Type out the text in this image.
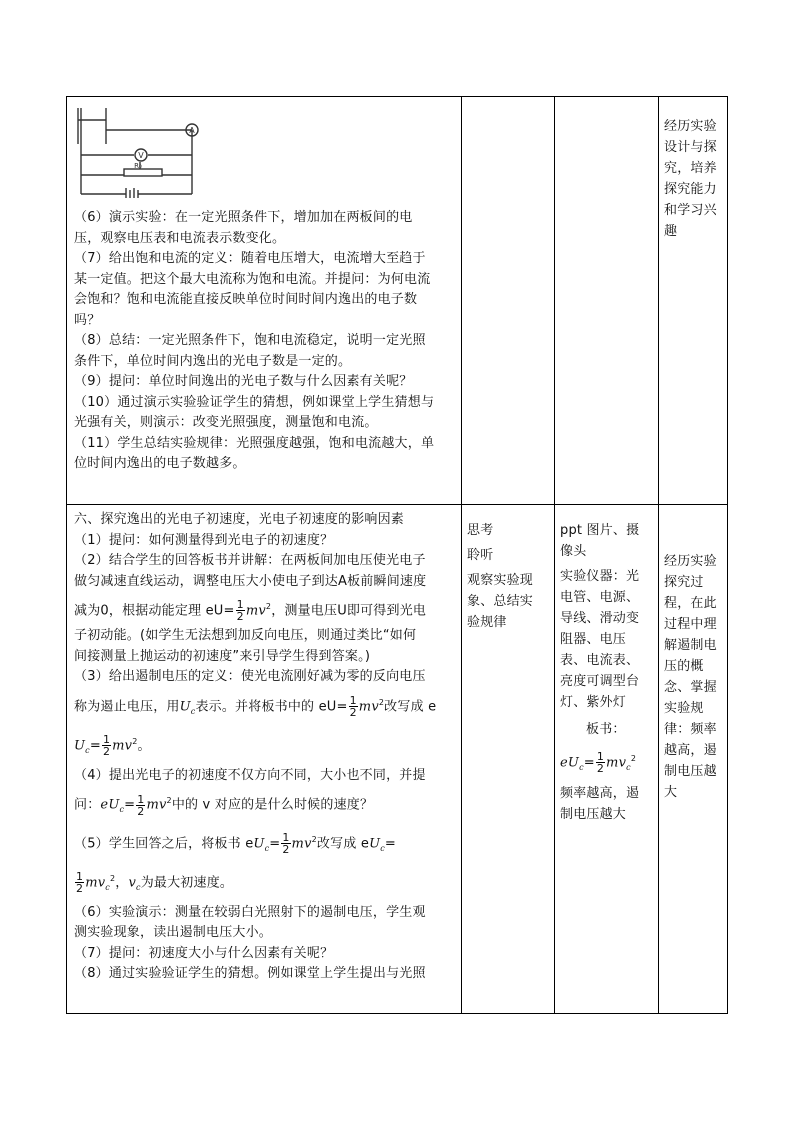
V
A
R₀

（6）演示实验：在一定光照条件下，增加加在两板间的电

压，观察电压表和电流表示数变化。

（7）给出饱和电流的定义：随着电压增大，电流增大至趋于

某一定值。把这个最大电流称为饱和电流。并提问：为何电流

会饱和？饱和电流能直接反映单位时间时间内逸出的电子数

吗？

（8）总结：一定光照条件下，饱和电流稳定，说明一定光照

条件下，单位时间内逸出的光电子数是一定的。

（9）提问：单位时间逸出的光电子数与什么因素有关呢？

（10）通过演示实验验证学生的猜想，例如课堂上学生猜想与

光强有关，则演示：改变光照强度，测量饱和电流。

（11）学生总结实验规律：光照强度越强，饱和电流越大，单

位时间内逸出的电子数越多。

经历实验

设计与探

究，培养

探究能力

和学习兴

趣

六、探究逸出的光电子初速度，光电子初速度的影响因素

（1）提问：如何测量得到光电子的初速度？

（2）结合学生的回答板书并讲解：在两板间加电压使光电子

做匀减速直线运动，调整电压大小使电子到达A板前瞬间速度

减为0，根据动能定理 $eU= \frac{1}{2} mv^2$，测量电压U即可得到光电

子初动能。(如学生无法想到加反向电压，则通过类比“如何

间接测量上抛运动的初速度”来引导学生得到答案。)

（3）给出遏制电压的定义：使光电流刚好减为零的反向电压

称为遏止电压，用$U_c$表示。并将板书中的 $eU= \frac{1}{2} mv^2$改写成 e

$U_c= \frac{1}{2} mv^2$。

（4）提出光电子的初速度不仅方向不同，大小也不同，并提

问：$eU_c= \frac{1}{2} mv^2$中的 v 对应的是什么时候的速度？

（5）学生回答之后，将板书 $eU_c= \frac{1}{2} mv^2$改写成 $eU_c=$

$\frac{1}{2} mv_c^2$，$v_c$为最大初速度。

（6）实验演示：测量在较弱白光照射下的遏制电压，学生观

测实验现象，读出遏制电压大小。

（7）提问：初速度大小与什么因素有关呢？

（8）通过实验验证学生的猜想。例如课堂上学生提出与光照

思考

聆听

观察实验现

象、总结实

验规律

ppt 图片、摄

像头

实验仪器：光

电管、电源、

导线、滑动变

阻器、电压

表、电流表、

亮度可调型台

灯、紫外灯

板书：

$eU_c= \frac{1}{2} mv_c^2$

频率越高，遏

制电压越大

经历实验

探究过

程，在此

过程中理

解遏制电

压的概

念、掌握

实验规

律：频率

越高，遏

制电压越

大
